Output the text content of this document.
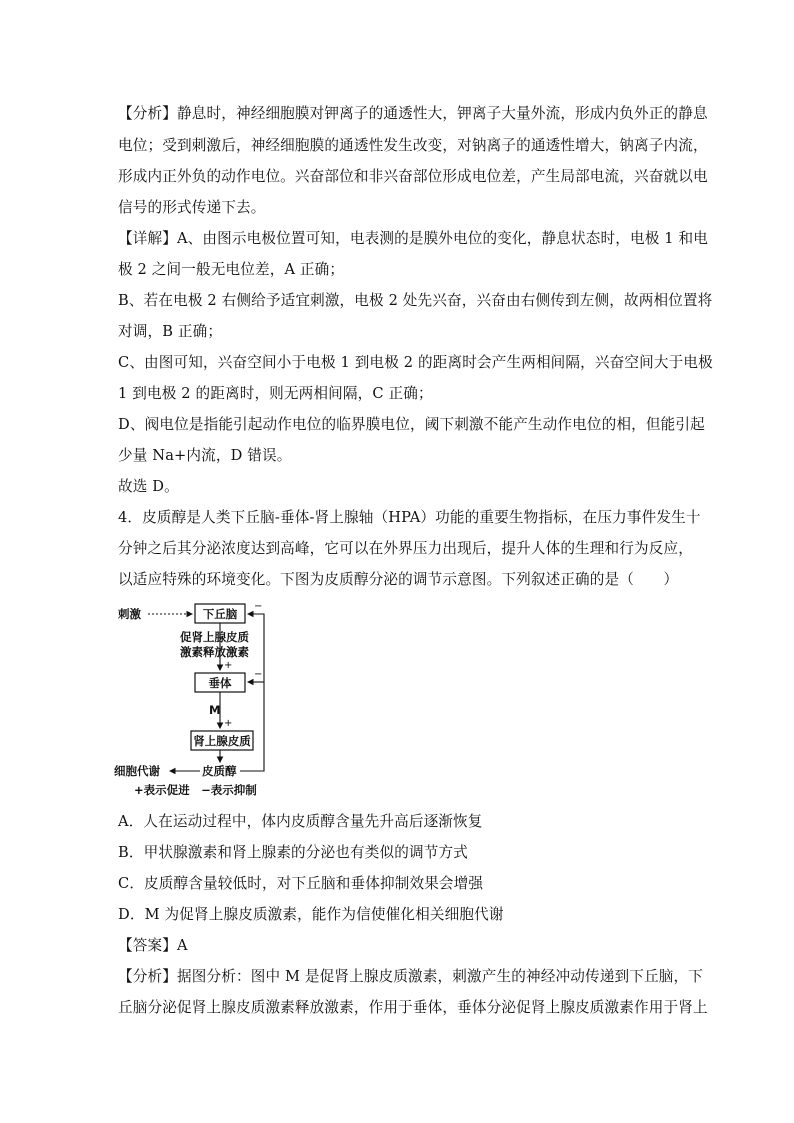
【分析】静息时，神经细胞膜对钾离子的通透性大，钾离子大量外流，形成内负外正的静息
电位；受到刺激后，神经细胞膜的通透性发生改变，对钠离子的通透性增大，钠离子内流，
形成内正外负的动作电位。兴奋部位和非兴奋部位形成电位差，产生局部电流，兴奋就以电
信号的形式传递下去。
【详解】A、由图示电极位置可知，电表测的是膜外电位的变化，静息状态时，电极 1 和电
极 2 之间一般无电位差，A 正确；
B、若在电极 2 右侧给予适宜刺激，电极 2 处先兴奋，兴奋由右侧传到左侧，故两相位置将
对调，B 正确；
C、由图可知，兴奋空间小于电极 1 到电极 2 的距离时会产生两相间隔，兴奋空间大于电极
1 到电极 2 的距离时，则无两相间隔，C 正确；
D、阀电位是指能引起动作电位的临界膜电位，阈下刺激不能产生动作电位的相，但能引起
少量 Na+内流，D 错误。
故选 D。
4．皮质醇是人类下丘脑-垂体-肾上腺轴（HPA）功能的重要生物指标，在压力事件发生十
分钟之后其分泌浓度达到高峰，它可以在外界压力出现后，提升人体的生理和行为反应，
以适应特殊的环境变化。下图为皮质醇分泌的调节示意图。下列叙述正确的是（　　）
刺激	下丘脑
促肾上腺皮质
激素释放激素
+
垂体
M
+
肾上腺皮质
皮质醇
细胞代谢
−
−
+表示促进　−表示抑制
A．人在运动过程中，体内皮质醇含量先升高后逐渐恢复
B．甲状腺激素和肾上腺素的分泌也有类似的调节方式
C．皮质醇含量较低时，对下丘脑和垂体抑制效果会增强
D．M 为促肾上腺皮质激素，能作为信使催化相关细胞代谢
【答案】A
【分析】据图分析：图中 M 是促肾上腺皮质激素，刺激产生的神经冲动传递到下丘脑，下
丘脑分泌促肾上腺皮质激素释放激素，作用于垂体，垂体分泌促肾上腺皮质激素作用于肾上
